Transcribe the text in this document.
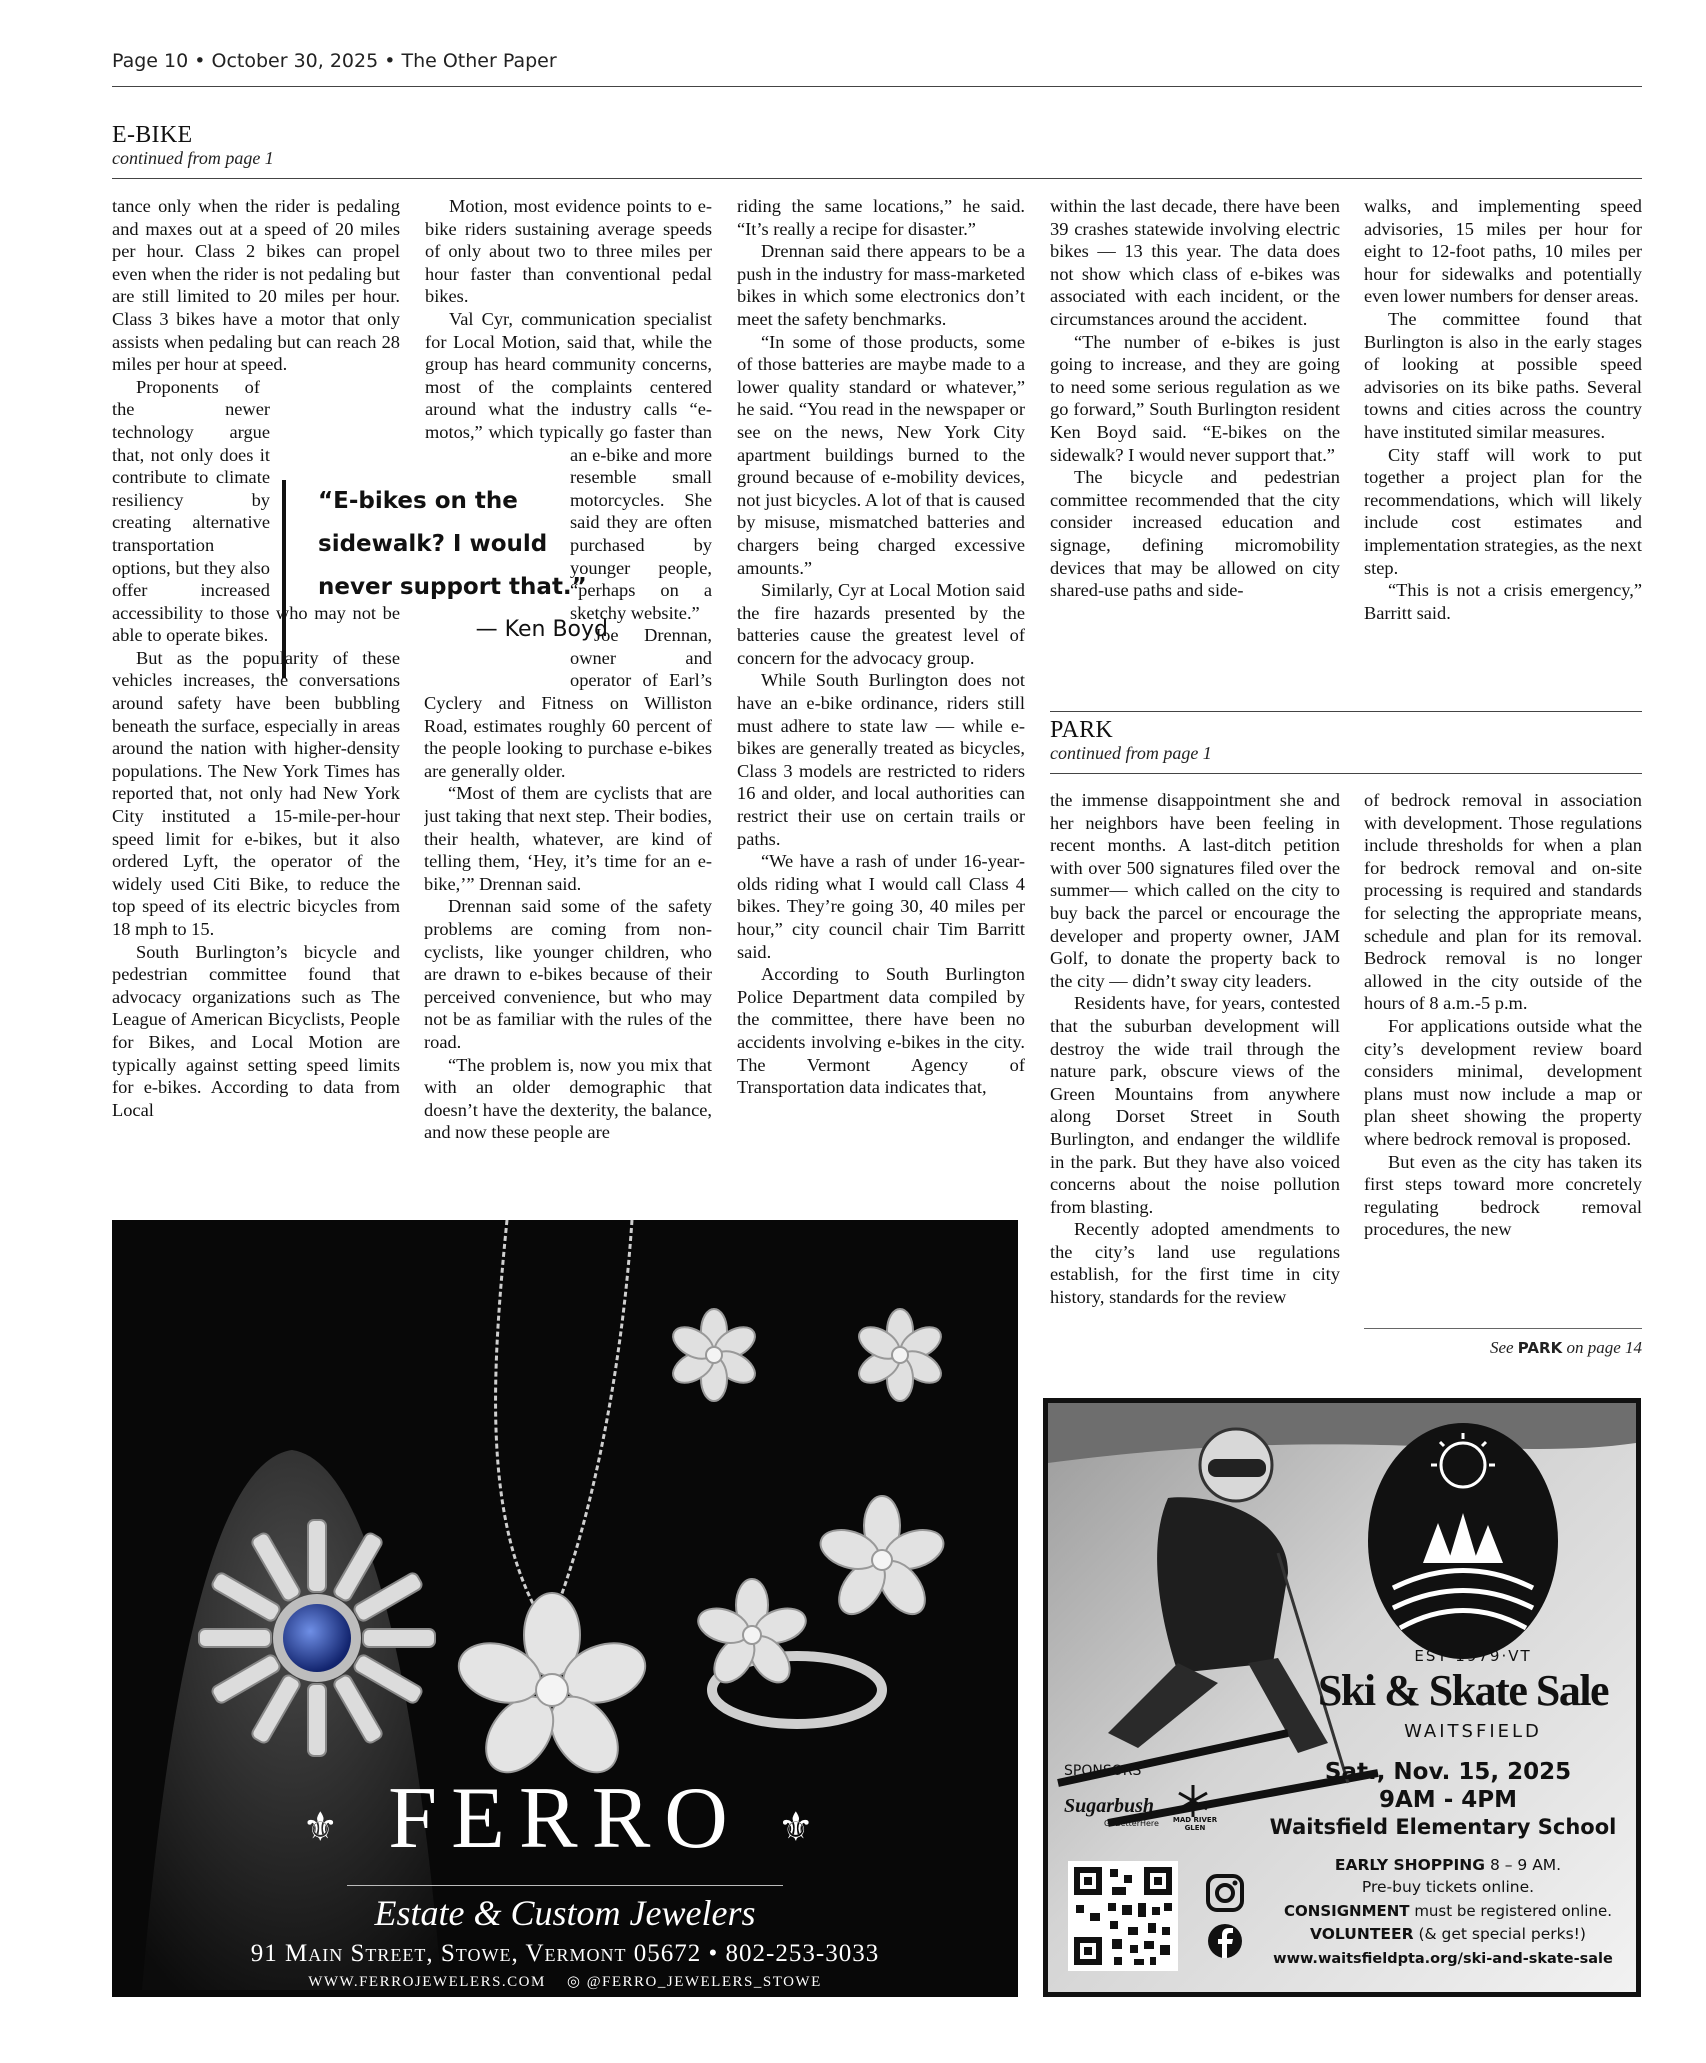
Page 10 • October 30, 2025 • The Other Paper
E-BIKE
continued from page 1

tance only when the rider is pedaling and maxes out at a speed of 20 miles per hour. Class 2 bikes can propel even when the rider is not pedaling but are still limited to 20 miles per hour. Class 3 bikes have a motor that only assists when pedaling but can reach 28 miles per hour at speed.

Proponents of the newer technology argue that, not only does it contribute to climate resiliency by creating alternative transportation options, but they also offer increased accessibility to those who may not be able to operate bikes.

But as the popularity of these vehicles increases, the conversations around safety have been bubbling beneath the surface, especially in areas around the nation with higher-density populations. The New York Times has reported that, not only had New York City instituted a 15-mile-per-hour speed limit for e-bikes, but it also ordered Lyft, the operator of the widely used Citi Bike, to reduce the top speed of its electric bicycles from 18 mph to 15.

South Burlington’s bicycle and pedestrian committee found that advocacy organizations such as The League of American Bicyclists, People for Bikes, and Local Motion are typically against setting speed limits for e-bikes. According to data from Local

Motion, most evidence points to e-bike riders sustaining average speeds of only about two to three miles per hour faster than conventional pedal bikes.

Val Cyr, communication specialist for Local Motion, said that, while the group has heard community concerns, most of the complaints centered around what the industry calls “e-motos,” which typically go faster than an e-bike and more resemble small motorcycles. She said they are often purchased by younger people, “perhaps on a sketchy website.”

Joe Drennan, owner and operator of Earl’s Cyclery and Fitness on Williston Road, estimates roughly 60 percent of the people looking to purchase e-bikes are generally older.

“Most of them are cyclists that are just taking that next step. Their bodies, their health, whatever, are kind of telling them, ‘Hey, it’s time for an e-bike,’” Drennan said.

Drennan said some of the safety problems are coming from non-cyclists, like younger children, who are drawn to e-bikes because of their perceived convenience, but who may not be as familiar with the rules of the road.

“The problem is, now you mix that with an older demographic that doesn’t have the dexterity, the balance, and now these people are

“E-bikes on the sidewalk? I would never support that.”
— Ken Boyd

riding the same locations,” he said. “It’s really a recipe for disaster.”

Drennan said there appears to be a push in the industry for mass-marketed bikes in which some electronics don’t meet the safety benchmarks.

“In some of those products, some of those batteries are maybe made to a lower quality standard or whatever,” he said. “You read in the newspaper or see on the news, New York City apartment buildings burned to the ground because of e-mobility devices, not just bicycles. A lot of that is caused by misuse, mismatched batteries and chargers being charged excessive amounts.”

Similarly, Cyr at Local Motion said the fire hazards presented by the batteries cause the greatest level of concern for the advocacy group.

While South Burlington does not have an e-bike ordinance, riders still must adhere to state law — while e-bikes are generally treated as bicycles, Class 3 models are restricted to riders 16 and older, and local authorities can restrict their use on certain trails or paths.

“We have a rash of under 16-year-olds riding what I would call Class 4 bikes. They’re going 30, 40 miles per hour,” city council chair Tim Barritt said.

According to South Burlington Police Department data compiled by the committee, there have been no accidents involving e-bikes in the city. The Vermont Agency of Transportation data indicates that,

within the last decade, there have been 39 crashes statewide involving electric bikes — 13 this year. The data does not show which class of e-bikes was associated with each incident, or the circumstances around the accident.

“The number of e-bikes is just going to increase, and they are going to need some serious regulation as we go forward,” South Burlington resident Ken Boyd said. “E-bikes on the sidewalk? I would never support that.”

The bicycle and pedestrian committee recommended that the city consider increased education and signage, defining micromobility devices that may be allowed on city shared-use paths and side-

walks, and implementing speed advisories, 15 miles per hour for eight to 12-foot paths, 10 miles per hour for sidewalks and potentially even lower numbers for denser areas.

The committee found that Burlington is also in the early stages of looking at possible speed advisories on its bike paths. Several towns and cities across the country have instituted similar measures.

City staff will work to put together a project plan for the recommendations, which will likely include cost estimates and implementation strategies, as the next step.

“This is not a crisis emergency,” Barritt said.

PARK
continued from page 1

the immense disappointment she and her neighbors have been feeling in recent months. A last-ditch petition with over 500 signatures filed over the summer— which called on the city to buy back the parcel or encourage the developer and property owner, JAM Golf, to donate the property back to the city — didn’t sway city leaders.

Residents have, for years, contested that the suburban development will destroy the wide trail through the nature park, obscure views of the Green Mountains from anywhere along Dorset Street in South Burlington, and endanger the wildlife in the park. But they have also voiced concerns about the noise pollution from blasting.

Recently adopted amendments to the city’s land use regulations establish, for the first time in city history, standards for the review

of bedrock removal in association with development. Those regulations include thresholds for when a plan for bedrock removal and on-site processing is required and standards for selecting the appropriate means, schedule and plan for its removal. Bedrock removal is no longer allowed in the city outside of the hours of 8 a.m.-5 p.m.

For applications outside what the city’s development review board considers minimal, development plans must now include a map or plan sheet showing the property where bedrock removal is proposed.

But even as the city has taken its first steps toward more concretely regulating bedrock removal procedures, the new

See PARK on page 14
⚜ FERRO ⚜
Estate & Custom Jewelers
91 Main Street, Stowe, Vermont 05672 • 802-253-3033
WWW.FERROJEWELERS.COM ◎ @FERRO_JEWELERS_STOWE
EST·1979·VT
Ski & Skate Sale
WAITSFIELD
SPONSORS
Sugarbush
GoBetterHere	MAD RIVER GLEN
Sat., Nov. 15, 2025
9AM - 4PM
Waitsfield Elementary School
EARLY SHOPPING 8 – 9 AM.
Pre-buy tickets online.
CONSIGNMENT must be registered online.
VOLUNTEER (& get special perks!)
www.waitsfieldpta.org/ski-and-skate-sale
